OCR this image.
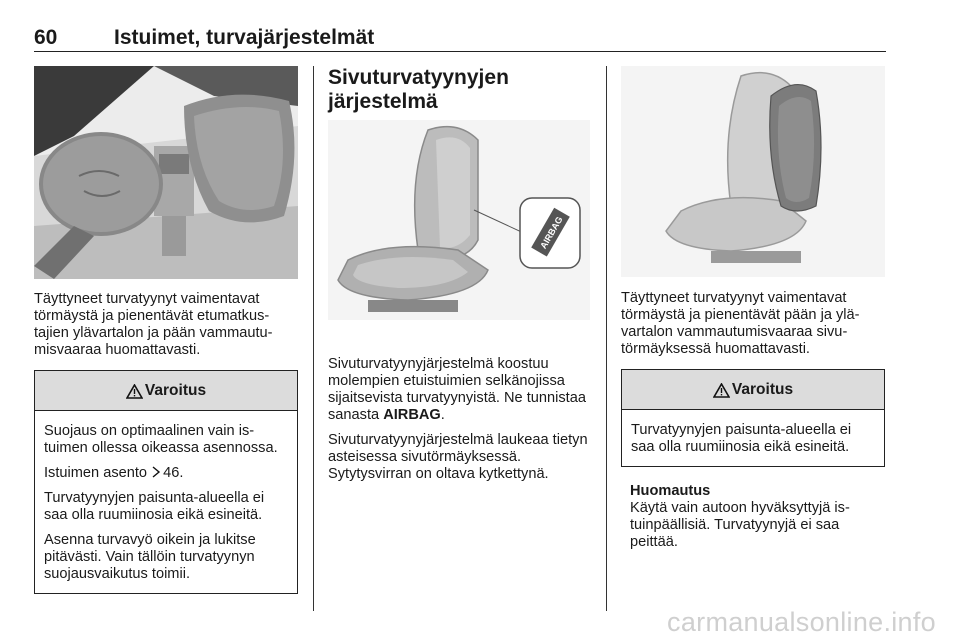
60	Istuimet, turvajärjestelmät

Täyttyneet turvatyynyt vaimentavat törmäystä ja pienentävät etumatkustajien ylävartalon ja pään vammautumisvaaraa huomattavasti.

Varoitus

Suojaus on optimaalinen vain istuimen ollessa oikeassa asennossa.

Istuimen asento 46.

Turvatyynyjen paisunta-alueella ei saa olla ruumiinosia eikä esineitä.

Asenna turvavyö oikein ja lukitse pitävästi. Vain tällöin turvatyynyn suojausvaikutus toimii.

Sivuturvatyynyjen järjestelmä
AIRBAG

Sivuturvatyynyjärjestelmä koostuu molempien etuistuimien selkänojissa sijaitsevista turvatyynyistä. Ne tunnistaa sanasta AIRBAG.

Sivuturvatyynyjärjestelmä laukeaa tietyn asteisessa sivutörmäyksessä. Sytytysvirran on oltava kytkettynä.

Täyttyneet turvatyynyt vaimentavat törmäystä ja pienentävät pään ja ylävartalon vammautumisvaaraa sivutörmäyksessä huomattavasti.

Varoitus

Turvatyynyjen paisunta-alueella ei saa olla ruumiinosia eikä esineitä.

Huomautus

Käytä vain autoon hyväksyttyjä istuinpäällisiä. Turvatyynyjä ei saa peittää.

carmanualsonline.info
